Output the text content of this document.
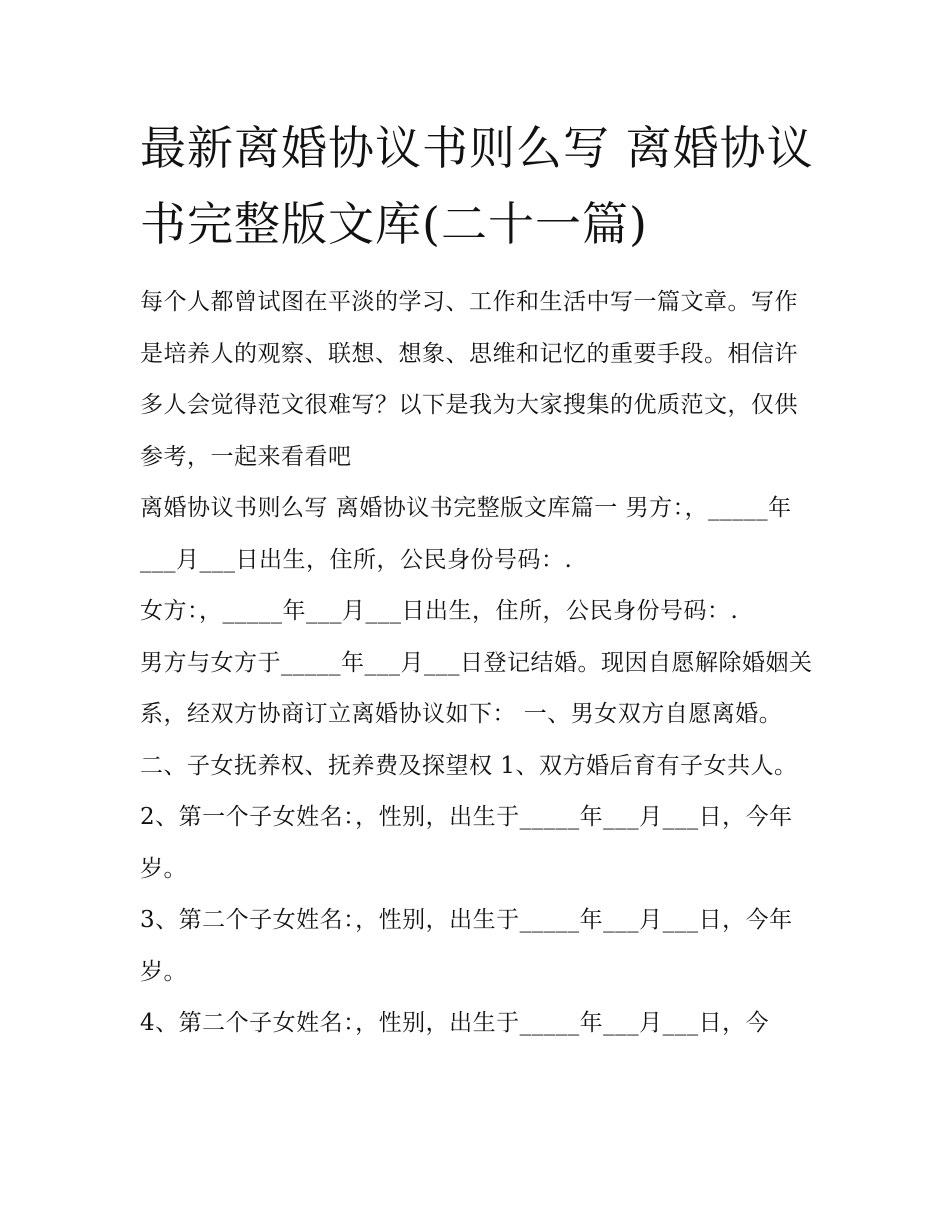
最新离婚协议书则么写 离婚协议书完整版文库(二十一篇)

每个人都曾试图在平淡的学习、工作和生活中写一篇文章。写作是培养人的观察、联想、想象、思维和记忆的重要手段。相信许多人会觉得范文很难写？以下是我为大家搜集的优质范文，仅供参考，一起来看看吧

离婚协议书则么写 离婚协议书完整版文库篇一 男方：，_____年___月___日出生，住所，公民身份号码：.

女方：，_____年___月___日出生，住所，公民身份号码：.

男方与女方于_____年___月___日登记结婚。现因自愿解除婚姻关系，经双方协商订立离婚协议如下： 一、男女双方自愿离婚。

二、子女抚养权、抚养费及探望权 1、双方婚后育有子女共人。 2、第一个子女姓名：，性别，出生于_____年___月___日，今年岁。

3、第二个子女姓名：，性别，出生于_____年___月___日，今年岁。

4、第二个子女姓名：，性别，出生于_____年___月___日，今
